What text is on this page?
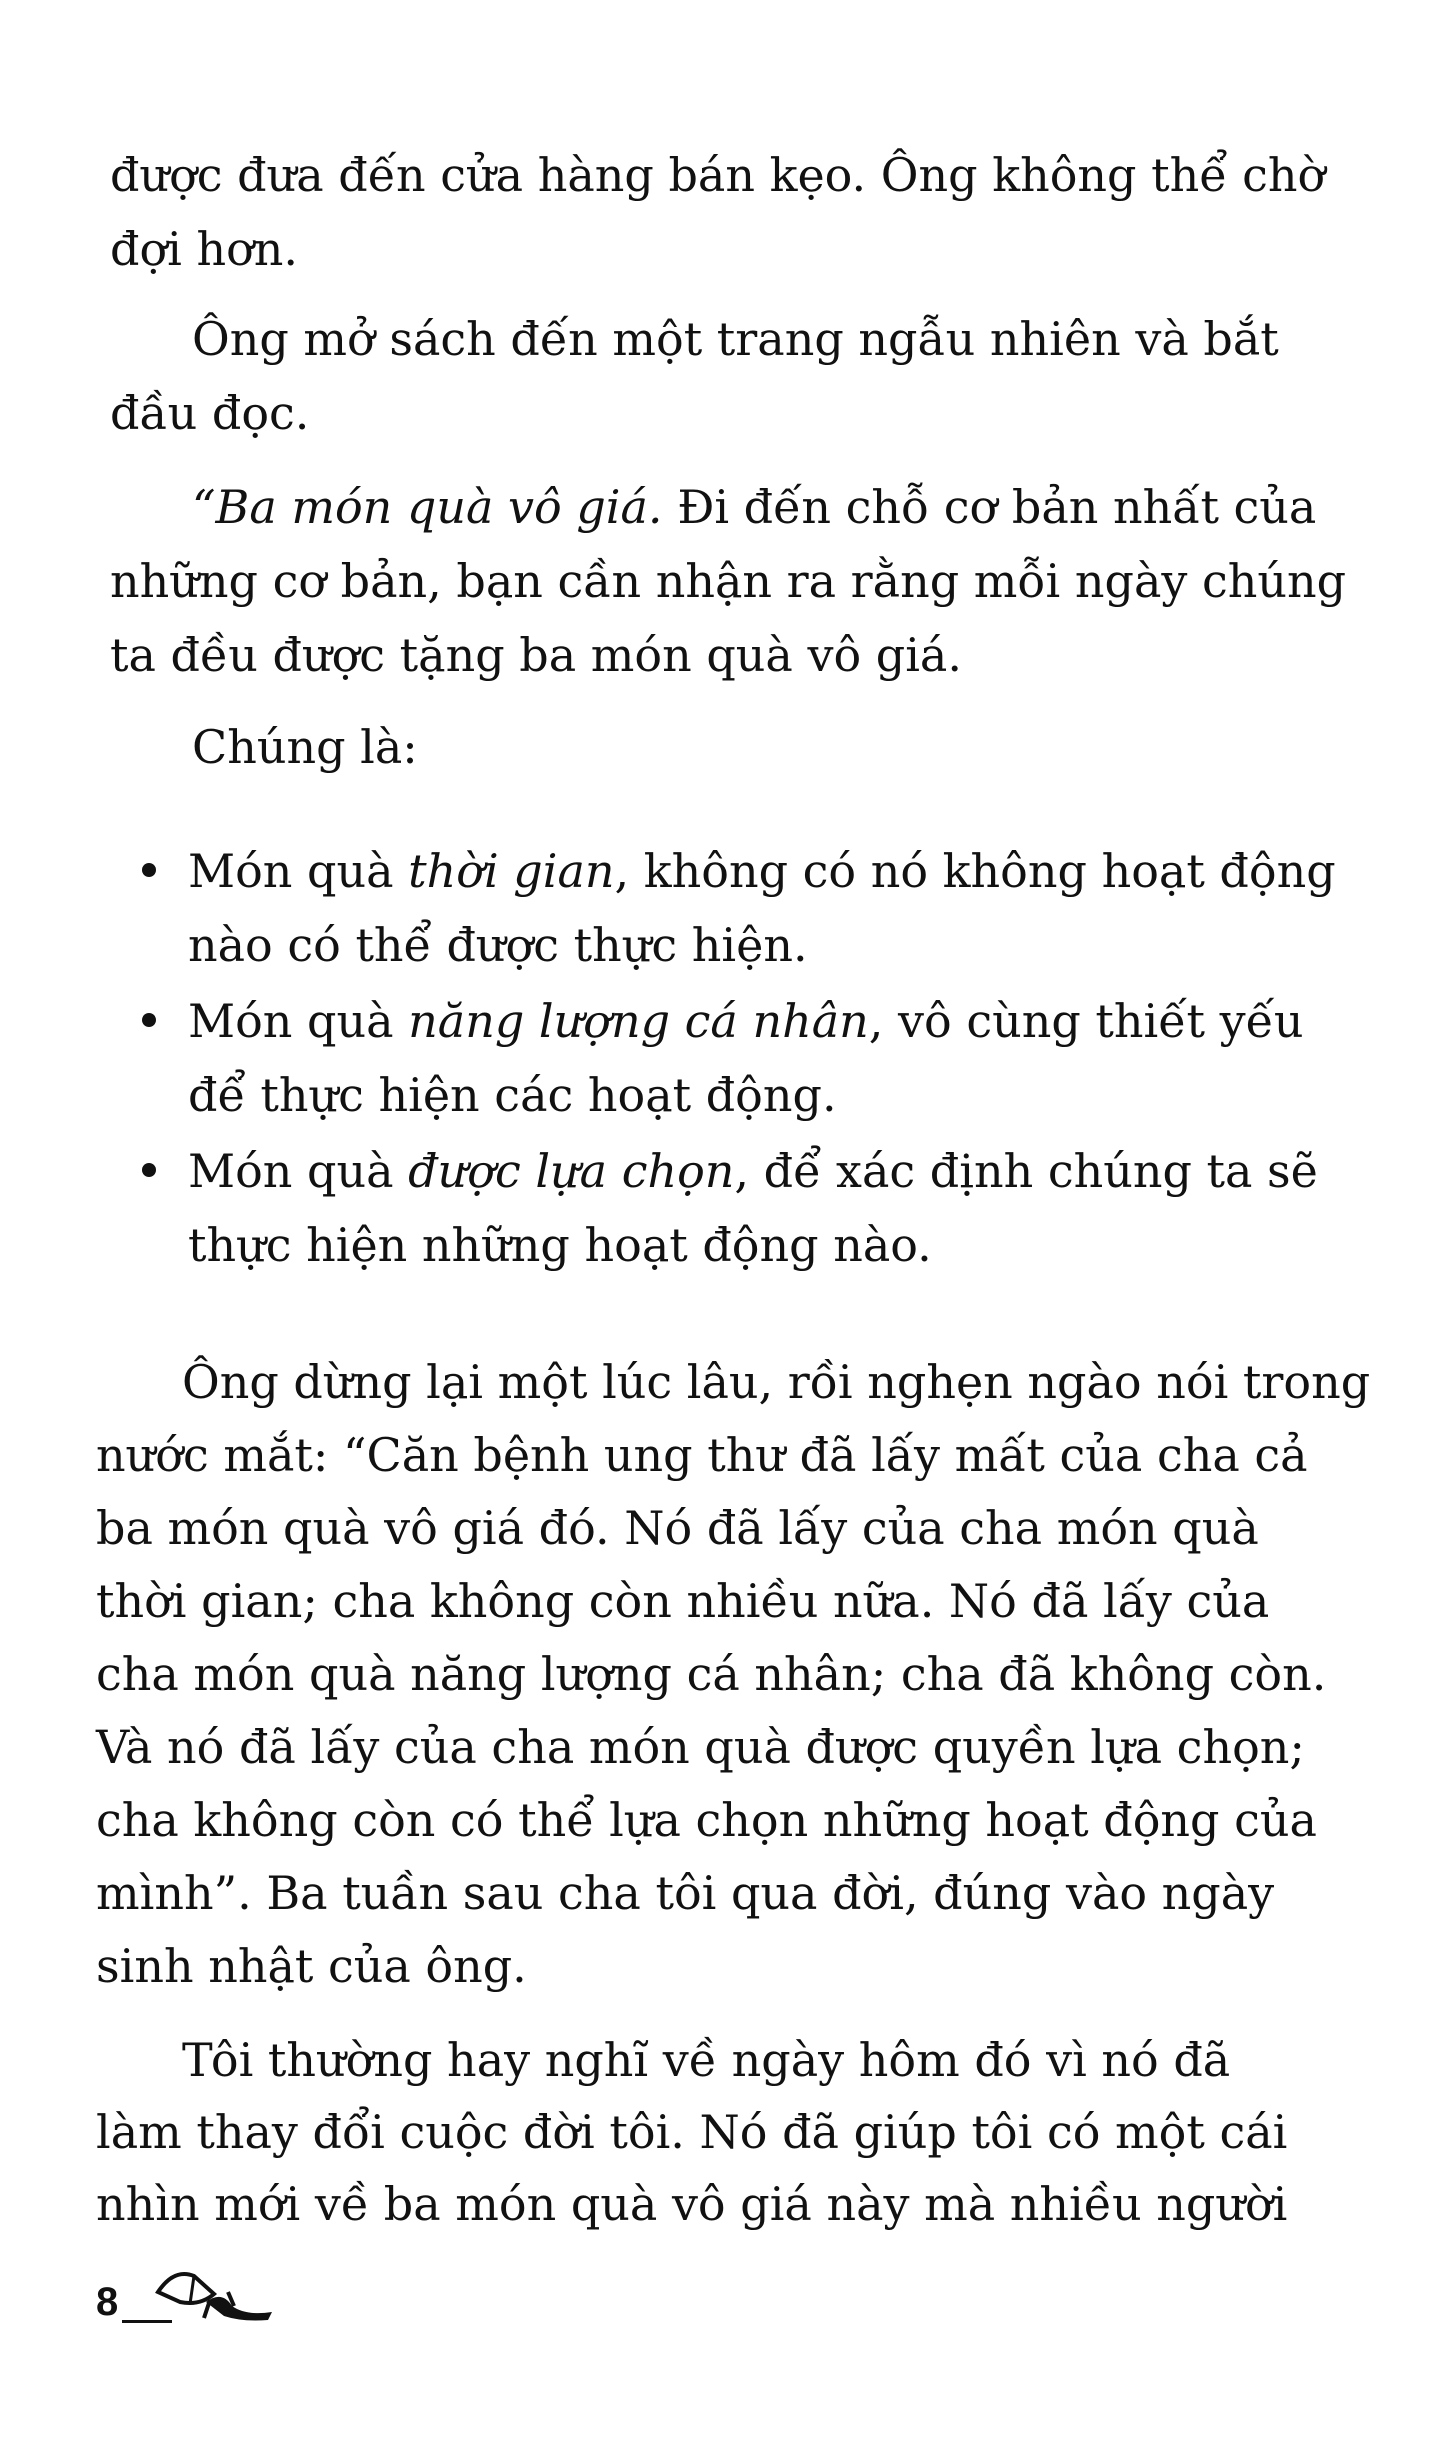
được đưa đến cửa hàng bán kẹo. Ông không thể chờ
đợi hơn.

Ông mở sách đến một trang ngẫu nhiên và bắt
đầu đọc.

“Ba món quà vô giá. Đi đến chỗ cơ bản nhất của
những cơ bản, bạn cần nhận ra rằng mỗi ngày chúng
ta đều được tặng ba món quà vô giá.

Chúng là:

Món quà thời gian, không có nó không hoạt động
nào có thể được thực hiện.

Món quà năng lượng cá nhân, vô cùng thiết yếu
để thực hiện các hoạt động.

Món quà được lựa chọn, để xác định chúng ta sẽ
thực hiện những hoạt động nào.

Ông dừng lại một lúc lâu, rồi nghẹn ngào nói trong
nước mắt: “Căn bệnh ung thư đã lấy mất của cha cả
ba món quà vô giá đó. Nó đã lấy của cha món quà
thời gian; cha không còn nhiều nữa. Nó đã lấy của
cha món quà năng lượng cá nhân; cha đã không còn.
Và nó đã lấy của cha món quà được quyền lựa chọn;
cha không còn có thể lựa chọn những hoạt động của
mình”. Ba tuần sau cha tôi qua đời, đúng vào ngày
sinh nhật của ông.

Tôi thường hay nghĩ về ngày hôm đó vì nó đã
làm thay đổi cuộc đời tôi. Nó đã giúp tôi có một cái
nhìn mới về ba món quà vô giá này mà nhiều người

8
